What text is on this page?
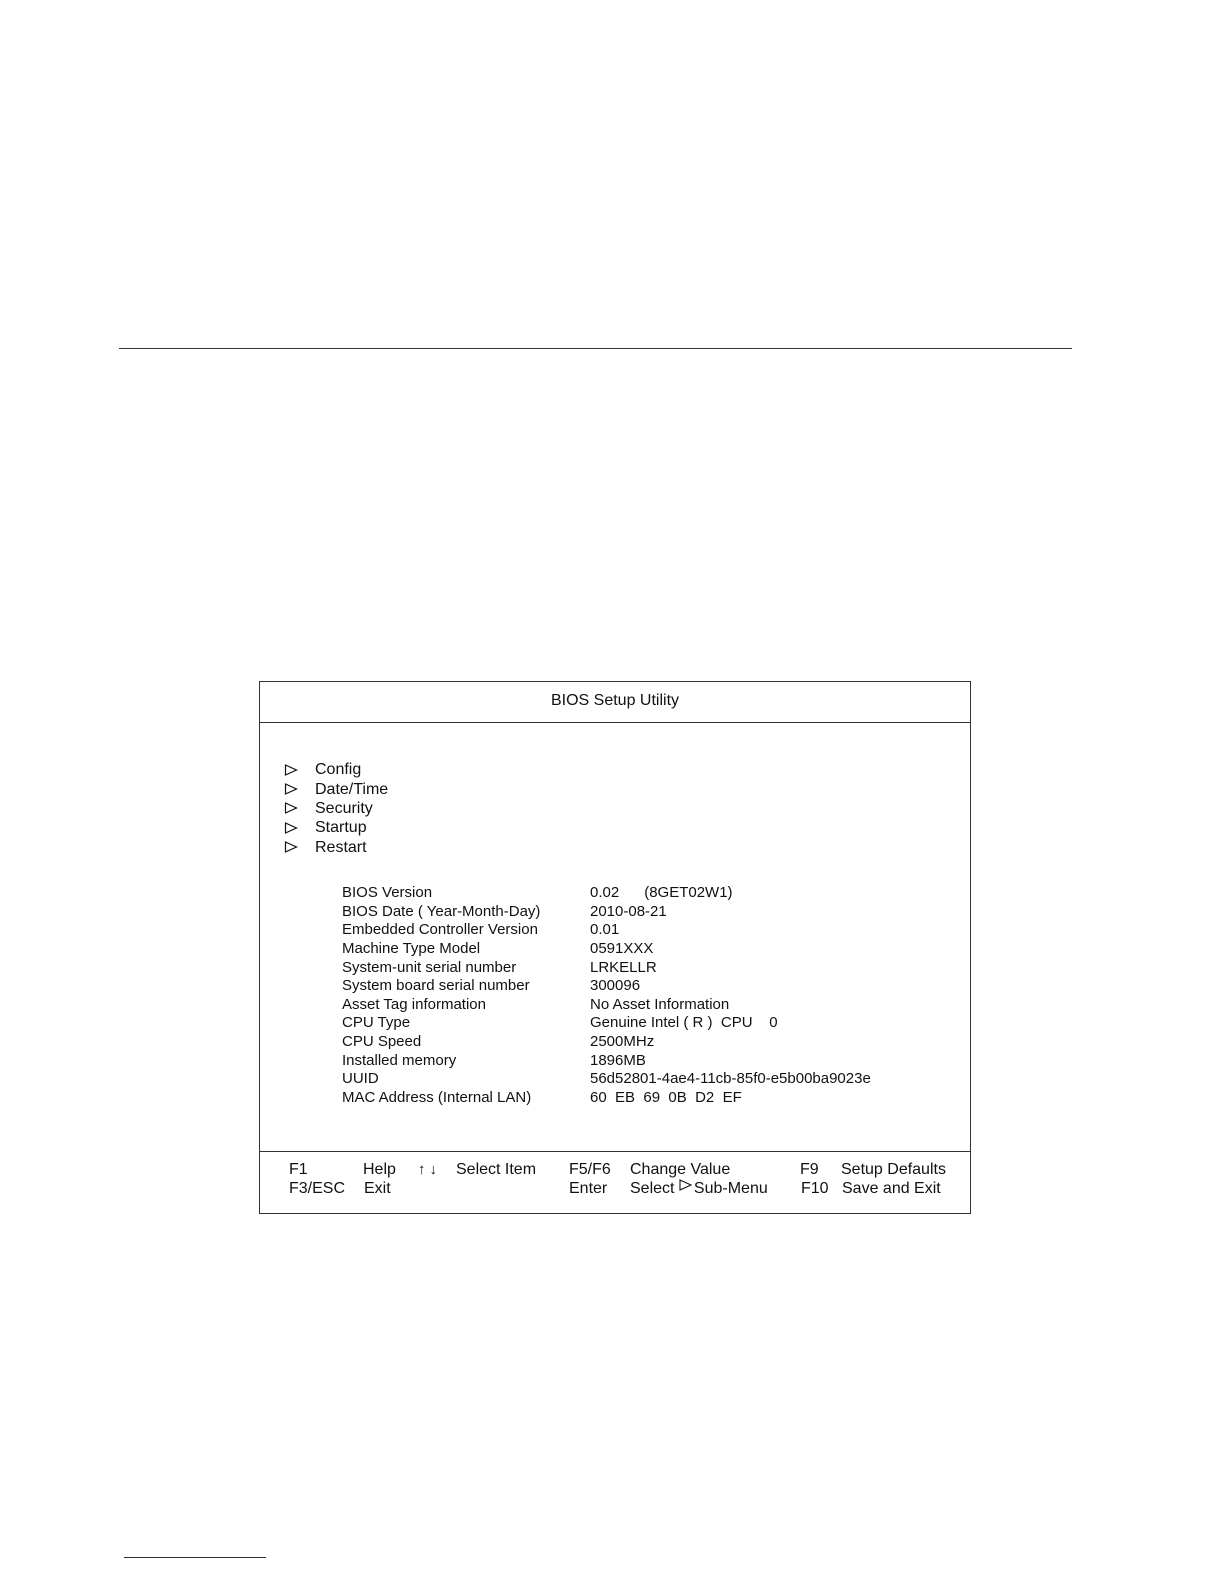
BIOS Setup Utility
Config
Date/Time
Security
Startup
Restart
BIOS Version	0.02      (8GET02W1)
BIOS Date ( Year-Month-Day)	2010-08-21
Embedded Controller Version	0.01
Machine Type Model	0591XXX
System-unit serial number	LRKELLR
System board serial number	300096
Asset Tag information	No Asset Information
CPU Type	Genuine Intel ( R )  CPU    0
CPU Speed	2500MHz
Installed memory	1896MB
UUID	56d52801-4ae4-11cb-85f0-e5b00ba9023e
MAC Address (Internal LAN)	60  EB  69  0B  D2  EF
F1	Help ↑↓ Select Item F5/F6 Change Value	F9 Setup Defaults
F3/ESC Exit	Enter Select Sub-Menu F10 Save and Exit
